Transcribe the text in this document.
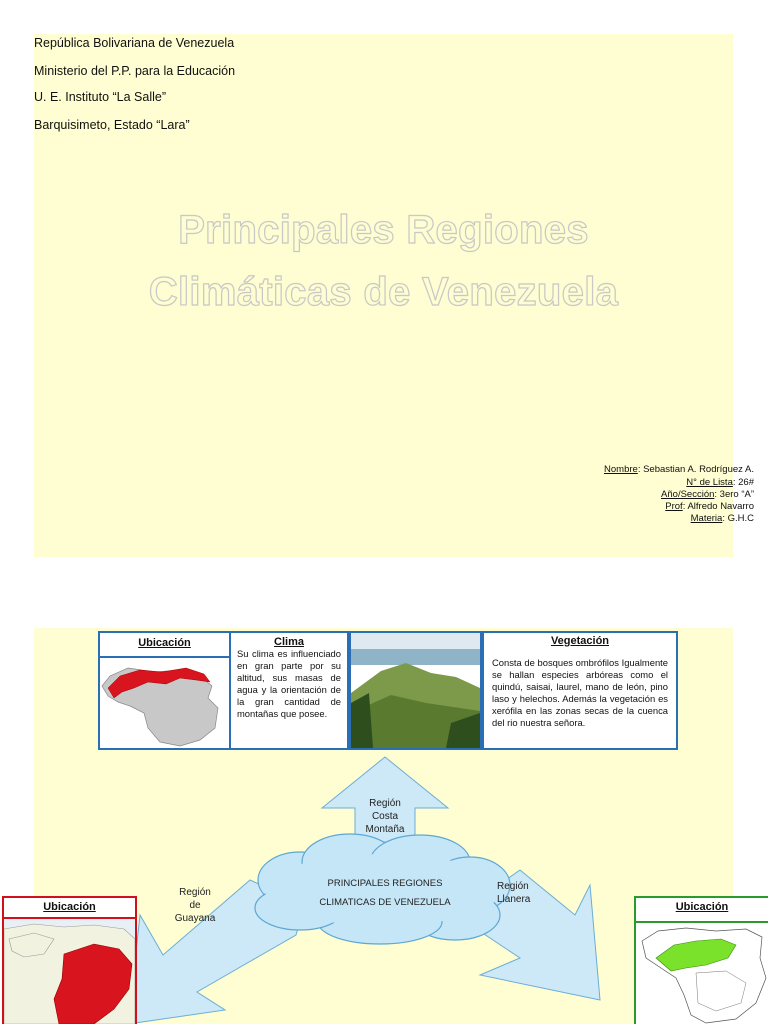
República Bolivariana de Venezuela
Ministerio del P.P. para la Educación
U. E. Instituto “La Salle”
Barquisimeto, Estado “Lara”
Principales Regiones
Climáticas de Venezuela
Nombre: Sebastian A. Rodríguez A.
N° de Lista: 26#
Año/Sección: 3ero “A”
Prof: Alfredo Navarro
Materia: G.H.C
Región
Costa
Montaña
Región
de
Guayana
Región
Llanera
PRINCIPALES REGIONES
CLIMATICAS DE VENEZUELA
Ubicación	Clima
Su clima es influenciado en gran parte por su altitud, sus masas de agua y la orientación de la gran cantidad de montañas que posee.
Vegetación
Consta de bosques ombrófilos Igualmente se hallan especies arbóreas como el quindú, saisai, laurel, mano de león, pino laso y helechos. Además la vegetación es xerófila en las zonas secas de la cuenca del rio nuestra señora.
Ubicación	Ubicación
